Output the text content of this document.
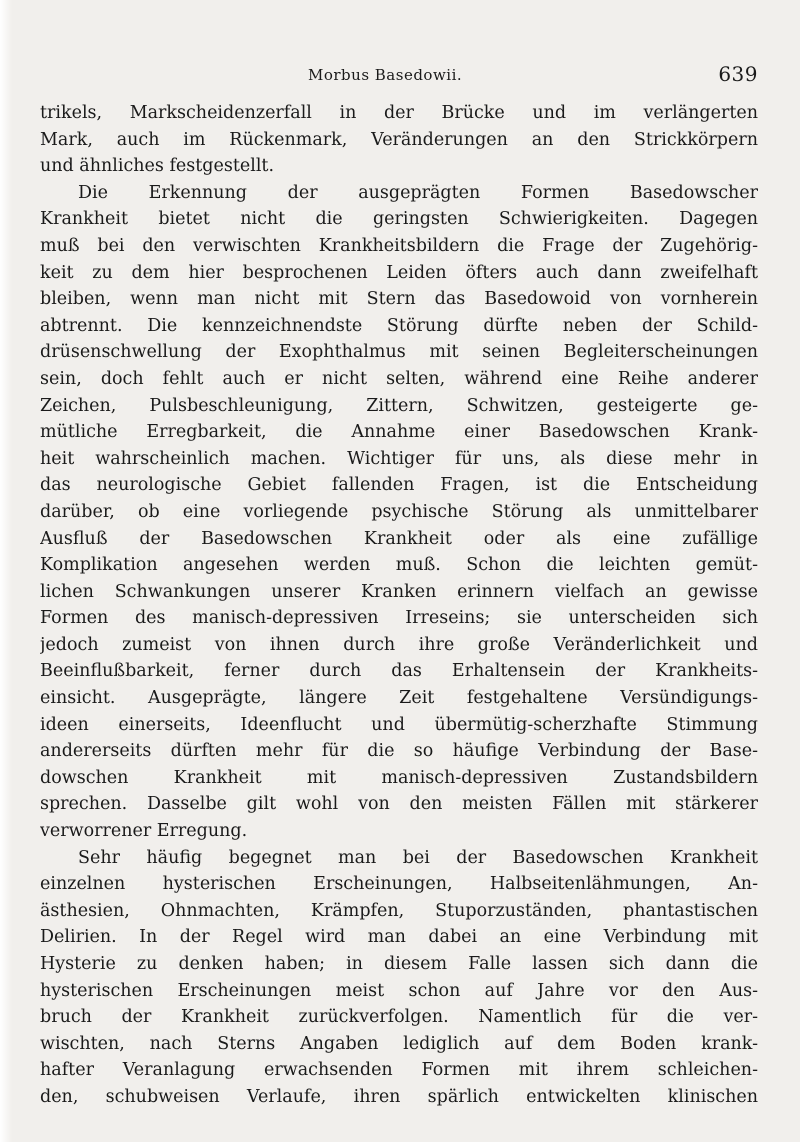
Morbus Basedowii.	639

trikels, Markscheidenzerfall in der Brücke und im verlängerten
Mark, auch im Rückenmark, Veränderungen an den Strickkörpern
und ähnliches festgestellt.

Die Erkennung der ausgeprägten Formen Basedowscher
Krankheit bietet nicht die geringsten Schwierigkeiten. Dagegen
muß bei den verwischten Krankheitsbildern die Frage der Zugehörig-
keit zu dem hier besprochenen Leiden öfters auch dann zweifelhaft
bleiben, wenn man nicht mit Stern das Basedowoid von vornherein
abtrennt. Die kennzeichnendste Störung dürfte neben der Schild-
drüsenschwellung der Exophthalmus mit seinen Begleiterscheinungen
sein, doch fehlt auch er nicht selten, während eine Reihe anderer
Zeichen, Pulsbeschleunigung, Zittern, Schwitzen, gesteigerte ge-
mütliche Erregbarkeit, die Annahme einer Basedowschen Krank-
heit wahrscheinlich machen. Wichtiger für uns, als diese mehr in
das neurologische Gebiet fallenden Fragen, ist die Entscheidung
darüber, ob eine vorliegende psychische Störung als unmittelbarer
Ausfluß der Basedowschen Krankheit oder als eine zufällige
Komplikation angesehen werden muß. Schon die leichten gemüt-
lichen Schwankungen unserer Kranken erinnern vielfach an gewisse
Formen des manisch-depressiven Irreseins; sie unterscheiden sich
jedoch zumeist von ihnen durch ihre große Veränderlichkeit und
Beeinflußbarkeit, ferner durch das Erhaltensein der Krankheits-
einsicht. Ausgeprägte, längere Zeit festgehaltene Versündigungs-
ideen einerseits, Ideenflucht und übermütig-scherzhafte Stimmung
andererseits dürften mehr für die so häufige Verbindung der Base-
dowschen Krankheit mit manisch-depressiven Zustandsbildern
sprechen. Dasselbe gilt wohl von den meisten Fällen mit stärkerer
verworrener Erregung.

Sehr häufig begegnet man bei der Basedowschen Krankheit
einzelnen hysterischen Erscheinungen, Halbseitenlähmungen, An-
ästhesien, Ohnmachten, Krämpfen, Stuporzuständen, phantastischen
Delirien. In der Regel wird man dabei an eine Verbindung mit
Hysterie zu denken haben; in diesem Falle lassen sich dann die
hysterischen Erscheinungen meist schon auf Jahre vor den Aus-
bruch der Krankheit zurückverfolgen. Namentlich für die ver-
wischten, nach Sterns Angaben lediglich auf dem Boden krank-
hafter Veranlagung erwachsenden Formen mit ihrem schleichen-
den, schubweisen Verlaufe, ihren spärlich entwickelten klinischen
